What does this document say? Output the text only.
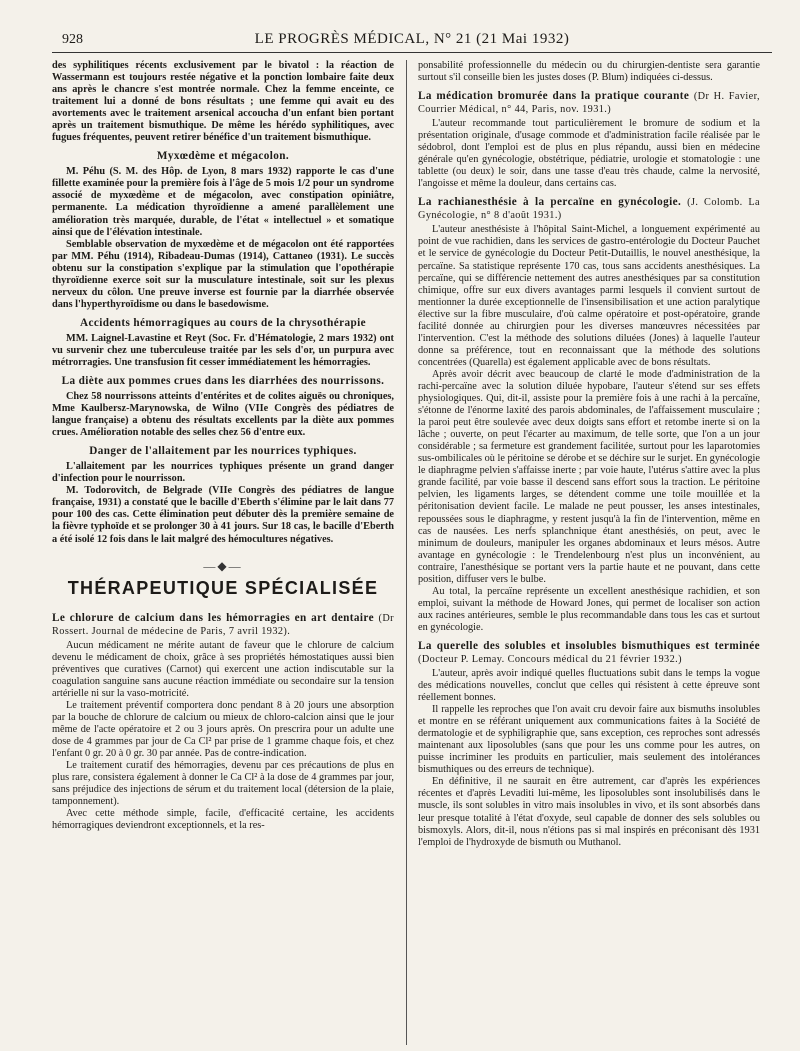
928	LE PROGRÈS MÉDICAL, N° 21 (21 Mai 1932)

des syphilitiques récents exclusivement par le bivatol : la réaction de Wassermann est toujours restée négative et la ponction lombaire faite deux ans après le chancre s'est montrée normale. Chez la femme enceinte, ce traitement lui a donné de bons résultats ; une femme qui avait eu des avortements avec le traitement arsenical accoucha d'un enfant bien portant après un traitement bismuthique. De même les hérédo syphilitiques, avec fugues fréquentes, peuvent retirer bénéfice d'un traitement bismuthique.

Myxœdème et mégacolon.

M. Péhu (S. M. des Hôp. de Lyon, 8 mars 1932) rapporte le cas d'une fillette examinée pour la première fois à l'âge de 5 mois 1/2 pour un syndrome associé de myxœdème et de mégacolon, avec constipation opiniâtre, permanente. La médication thyroïdienne a amené parallèlement une amélioration très marquée, durable, de l'état « intellectuel » et somatique ainsi que de l'élévation intestinale.

Semblable observation de myxœdème et de mégacolon ont été rapportées par MM. Péhu (1914), Ribadeau-Dumas (1914), Cattaneo (1931). Le succès obtenu sur la constipation s'explique par la stimulation que l'opothérapie thyroïdienne exerce soit sur la musculature intestinale, soit sur les plexus nerveux du côlon. Une preuve inverse est fournie par la diarrhée observée dans l'hyperthyroïdisme ou dans le basedowisme.

Accidents hémorragiques au cours de la chrysothérapie

MM. Laignel-Lavastine et Reyt (Soc. Fr. d'Hématologie, 2 mars 1932) ont vu survenir chez une tuberculeuse traitée par les sels d'or, un purpura avec métrorragies. Une transfusion fit cesser immédiatement les hémorragies.

La diète aux pommes crues dans les diarrhées des nourrissons.

Chez 58 nourrissons atteints d'entérites et de colites aiguës ou chroniques, Mme Kaulbersz-Marynowska, de Wilno (VIIe Congrès des pédiatres de langue française) a obtenu des résultats excellents par la diète aux pommes crues. Amélioration notable des selles chez 56 d'entre eux.

Danger de l'allaitement par les nourrices typhiques.

L'allaitement par les nourrices typhiques présente un grand danger d'infection pour le nourrisson.

M. Todorovitch, de Belgrade (VIIe Congrès des pédiatres de langue française, 1931) a constaté que le bacille d'Eberth s'élimine par le lait dans 77 pour 100 des cas. Cette élimination peut débuter dès la première semaine de la fièvre typhoïde et se prolonger 30 à 41 jours. Sur 18 cas, le bacille d'Eberth a été isolé 12 fois dans le lait malgré des hémocultures négatives.

—◆—
THÉRAPEUTIQUE SPÉCIALISÉE
Le chlorure de calcium dans les hémorragies en art dentaire (Dr Rossert. Journal de médecine de Paris, 7 avril 1932).

Aucun médicament ne mérite autant de faveur que le chlorure de calcium devenu le médicament de choix, grâce à ses propriétés hémostatiques aussi bien préventives que curatives (Carnot) qui exercent une action indiscutable sur la coagulation sanguine sans aucune réaction immédiate ou secondaire sur la tension artérielle ni sur la vaso-motricité.

Le traitement préventif comportera donc pendant 8 à 20 jours une absorption par la bouche de chlorure de calcium ou mieux de chloro-calcion ainsi que le jour même de l'acte opératoire et 2 ou 3 jours après. On prescrira pour un adulte une dose de 4 grammes par jour de Ca Cl² par prise de 1 gramme chaque fois, et chez l'enfant 0 gr. 20 à 0 gr. 30 par année. Pas de contre-indication.

Le traitement curatif des hémorragies, devenu par ces précautions de plus en plus rare, consistera également à donner le Ca Cl² à la dose de 4 grammes par jour, sans préjudice des injections de sérum et du traitement local (détersion de la plaie, tamponnement).

Avec cette méthode simple, facile, d'efficacité certaine, les accidents hémorragiques deviendront exceptionnels, et la res-

ponsabilité professionnelle du médecin ou du chirurgien-dentiste sera garantie surtout s'il conseille bien les justes doses (P. Blum) indiquées ci-dessus.

La médication bromurée dans la pratique courante (Dr H. Favier, Courrier Médical, n° 44, Paris, nov. 1931.)

L'auteur recommande tout particulièrement le bromure de sodium et la présentation originale, d'usage commode et d'administration facile réalisée par le sédobrol, dont l'emploi est de plus en plus répandu, aussi bien en médecine générale qu'en gynécologie, obstétrique, pédiatrie, urologie et stomatologie : une tablette (ou deux) le soir, dans une tasse d'eau très chaude, calme la nervosité, l'angoisse et même la douleur, dans certains cas.

La rachianesthésie à la percaïne en gynécologie. (J. Colomb. La Gynécologie, n° 8 d'août 1931.)

L'auteur anesthésiste à l'hôpital Saint-Michel, a longuement expérimenté au point de vue rachidien, dans les services de gastro-entérologie du Docteur Pauchet et le service de gynécologie du Docteur Petit-Dutaillis, le nouvel anesthésique, la percaïne. Sa statistique représente 170 cas, tous sans accidents anesthésiques. La percaïne, qui se différencie nettement des autres anesthésiques par sa constitution chimique, offre sur eux divers avantages parmi lesquels il convient surtout de mentionner la durée exceptionnelle de l'insensibilisation et une action paralytique élective sur la fibre musculaire, d'où calme opératoire et post-opératoire, grande facilité donnée au chirurgien pour les diverses manœuvres nécessitées par l'intervention. C'est la méthode des solutions diluées (Jones) à laquelle l'auteur donne sa préférence, tout en reconnaissant que la méthode des solutions concentrées (Quarella) est également applicable avec de bons résultats.

Après avoir décrit avec beaucoup de clarté le mode d'administration de la rachi-percaïne avec la solution diluée hypobare, l'auteur s'étend sur ses effets physiologiques. Qui, dit-il, assiste pour la première fois à une rachi à la percaïne, s'étonne de l'énorme laxité des parois abdominales, de l'affaissement musculaire ; la paroi peut être soulevée avec deux doigts sans effort et retombe inerte si on la lâche ; ouverte, on peut l'écarter au maximum, de telle sorte, que l'on a un jour considérable ; sa fermeture est grandement facilitée, surtout pour les laparotomies sus-ombilicales où le péritoine se dérobe et se déchire sur le surjet. En gynécologie le diaphragme pelvien s'affaisse inerte ; par voie haute, l'utérus s'attire avec la plus grande facilité, par voie basse il descend sans effort sous la traction. Le péritoine pelvien, les ligaments larges, se détendent comme une toile mouillée et la péritonisation devient facile. Le malade ne peut pousser, les anses intestinales, repoussées sous le diaphragme, y restent jusqu'à la fin de l'intervention, même en cas de nausées. Les nerfs splanchnique étant anesthésiés, on peut, avec le minimum de douleurs, manipuler les organes abdominaux et leurs mésos. Autre avantage en gynécologie : le Trendelenbourg n'est plus un inconvénient, au contraire, l'anesthésique se portant vers la partie haute et ne pouvant, dans cette position, diffuser vers le bulbe.

Au total, la percaïne représente un excellent anesthésique rachidien, et son emploi, suivant la méthode de Howard Jones, qui permet de localiser son action aux racines antérieures, semble le plus recommandable dans tous les cas et surtout en gynécologie.

La querelle des solubles et insolubles bismuthiques est terminée (Docteur P. Lemay. Concours médical du 21 février 1932.)

L'auteur, après avoir indiqué quelles fluctuations subit dans le temps la vogue des médications nouvelles, conclut que celles qui résistent à cette épreuve sont réellement bonnes.

Il rappelle les reproches que l'on avait cru devoir faire aux bismuths insolubles et montre en se référant uniquement aux communications faites à la Société de dermatologie et de syphiligraphie que, sans exception, ces reproches sont adressés maintenant aux liposolubles (sans que pour les uns comme pour les autres, on puisse incriminer les produits en particulier, mais seulement des intolérances bismuthiques ou des erreurs de technique).

En définitive, il ne saurait en être autrement, car d'après les expériences récentes et d'après Levaditi lui-même, les liposolubles sont insolubilisés dans le muscle, ils sont solubles in vitro mais insolubles in vivo, et ils sont absorbés dans leur presque totalité à l'état d'oxyde, seul capable de donner des sels solubles ou bismoxyls. Alors, dit-il, nous n'étions pas si mal inspirés en préconisant dès 1931 l'emploi de l'hydroxyde de bismuth ou Muthanol.
